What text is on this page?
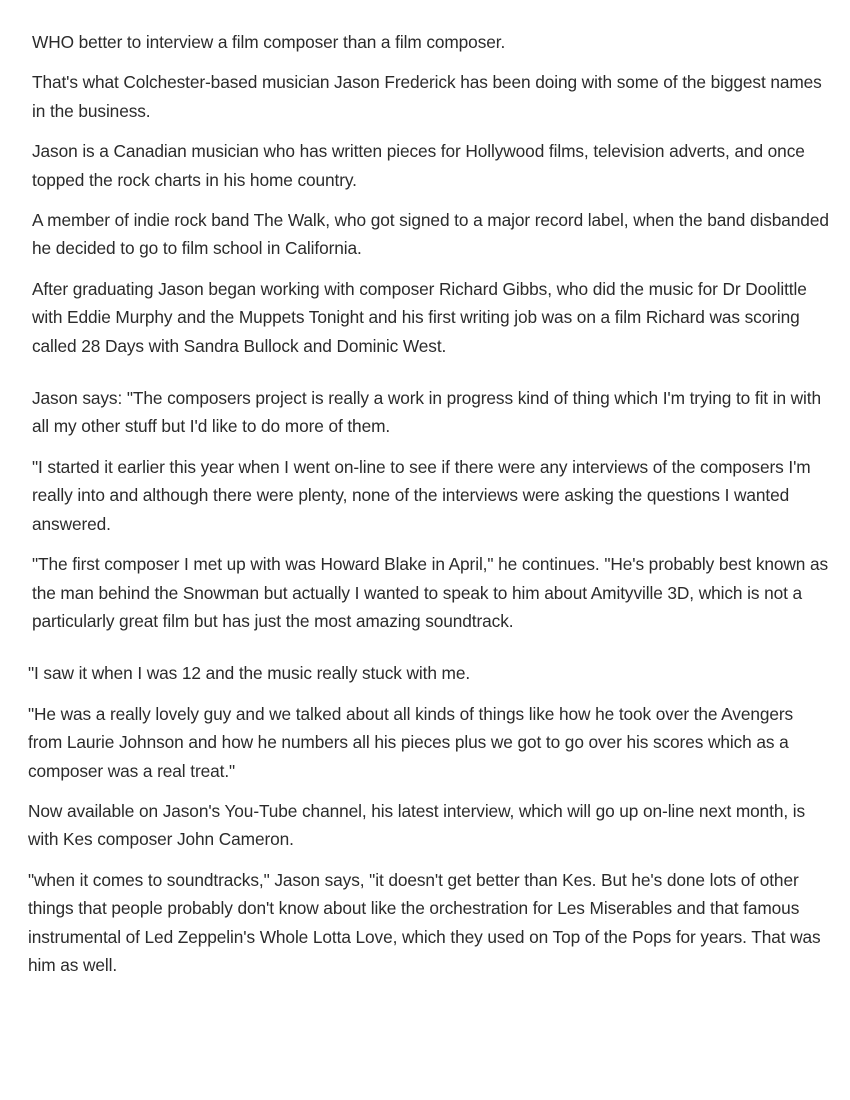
WHO better to interview a film composer than a film composer.

That's what Colchester-based musician Jason Frederick has been doing with some of the biggest names in the business.

Jason is a Canadian musician who has written pieces for Hollywood films, television adverts, and once topped the rock charts in his home country.

A member of indie rock band The Walk, who got signed to a major record label, when the band disbanded he decided to go to film school in California.

After graduating Jason began working with composer Richard Gibbs, who did the music for Dr Doolittle with Eddie Murphy and the Muppets Tonight and his first writing job was on a film Richard was scoring called 28 Days with Sandra Bullock and Dominic West.

Jason says: "The composers project is really a work in progress kind of thing which I'm trying to fit in with all my other stuff but I'd like to do more of them.

"I started it earlier this year when I went on-line to see if there were any interviews of the composers I'm really into and although there were plenty, none of the interviews were asking the questions I wanted answered.

"The first composer I met up with was Howard Blake in April," he continues. "He's probably best known as the man behind the Snowman but actually I wanted to speak to him about Amityville 3D, which is not a particularly great film but has just the most amazing soundtrack.

"I saw it when I was 12 and the music really stuck with me.

"He was a really lovely guy and we talked about all kinds of things like how he took over the Avengers from Laurie Johnson and how he numbers all his pieces plus we got to go over his scores which as a composer was a real treat."

Now available on Jason's You-Tube channel, his latest interview, which will go up on-line next month, is with Kes composer John Cameron.

"when it comes to soundtracks," Jason says, "it doesn't get better than Kes. But he's done lots of other things that people probably don't know about like the orchestration for Les Miserables and that famous instrumental of Led Zeppelin's Whole Lotta Love, which they used on Top of the Pops for years. That was him as well.
